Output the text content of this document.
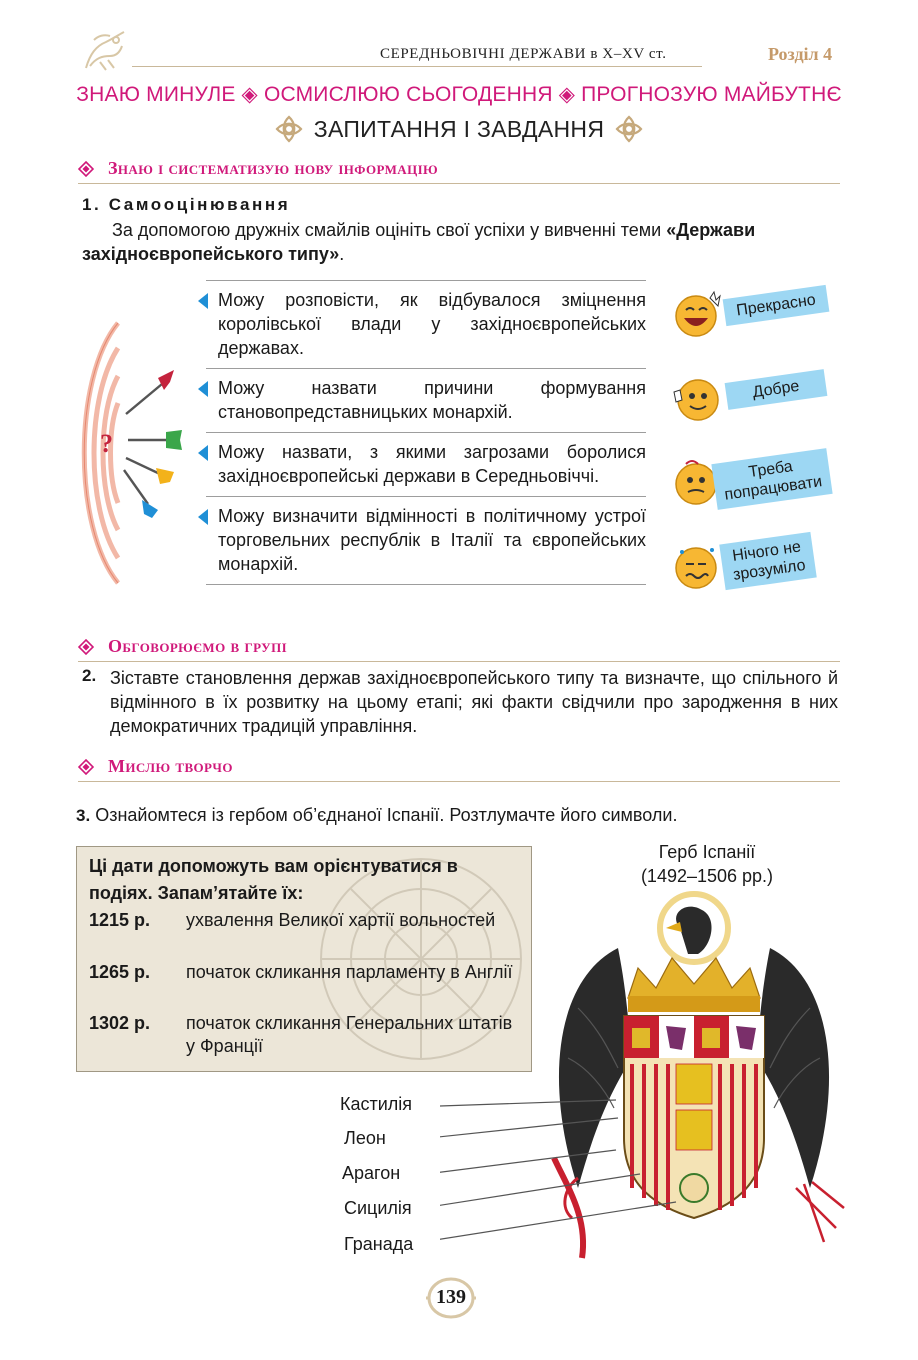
СЕРЕДНЬОВІЧНІ ДЕРЖАВИ в X–XV ст.	Розділ 4
ЗНАЮ МИНУЛЕ ◈ ОСМИСЛЮЮ СЬОГОДЕННЯ ◈ ПРОГНОЗУЮ МАЙБУТНЄ
ЗАПИТАННЯ І ЗАВДАННЯ
Знаю і систематизую нову інформацію
1. Самооцінювання
За допомогою дружніх смайлів оцініть свої успіхи у вивченні теми «Держави західноєвропейського типу».
?
Можу розповісти, як відбувалося зміцнення королівської влади у західноєвропейських державах.
Можу назвати причини формування становопредставницьких монархій.
Можу назвати, з якими загрозами боролися західноєвропейські держави в Середньовіччі.
Можу визначити відмінності в політичному устрої торговельних республік в Італії та європейських монархій.
Прекрасно
Добре
Треба попрацювати
Нічого не зрозуміло
Обговорюємо в групі
2. Зіставте становлення держав західноєвропейського типу та визначте, що спільного й відмінного в їх розвитку на цьому етапі; які факти свідчили про зародження в них демократичних традицій управління.
Мислю творчо
3. Ознайомтеся із гербом об’єднаної Іспанії. Розтлумачте його символи.
Ці дати допоможуть вам орієнтуватися в подіях. Запам’ятайте їх:
1215 р.	ухвалення Великої хартії вольностей
1265 р.	початок скликання парламенту в Англії
1302 р.	початок скликання Генеральних штатів у Франції
Герб Іспанії
(1492–1506 рр.)
Кастилія
Леон
Арагон
Сицилія
Гранада
139
